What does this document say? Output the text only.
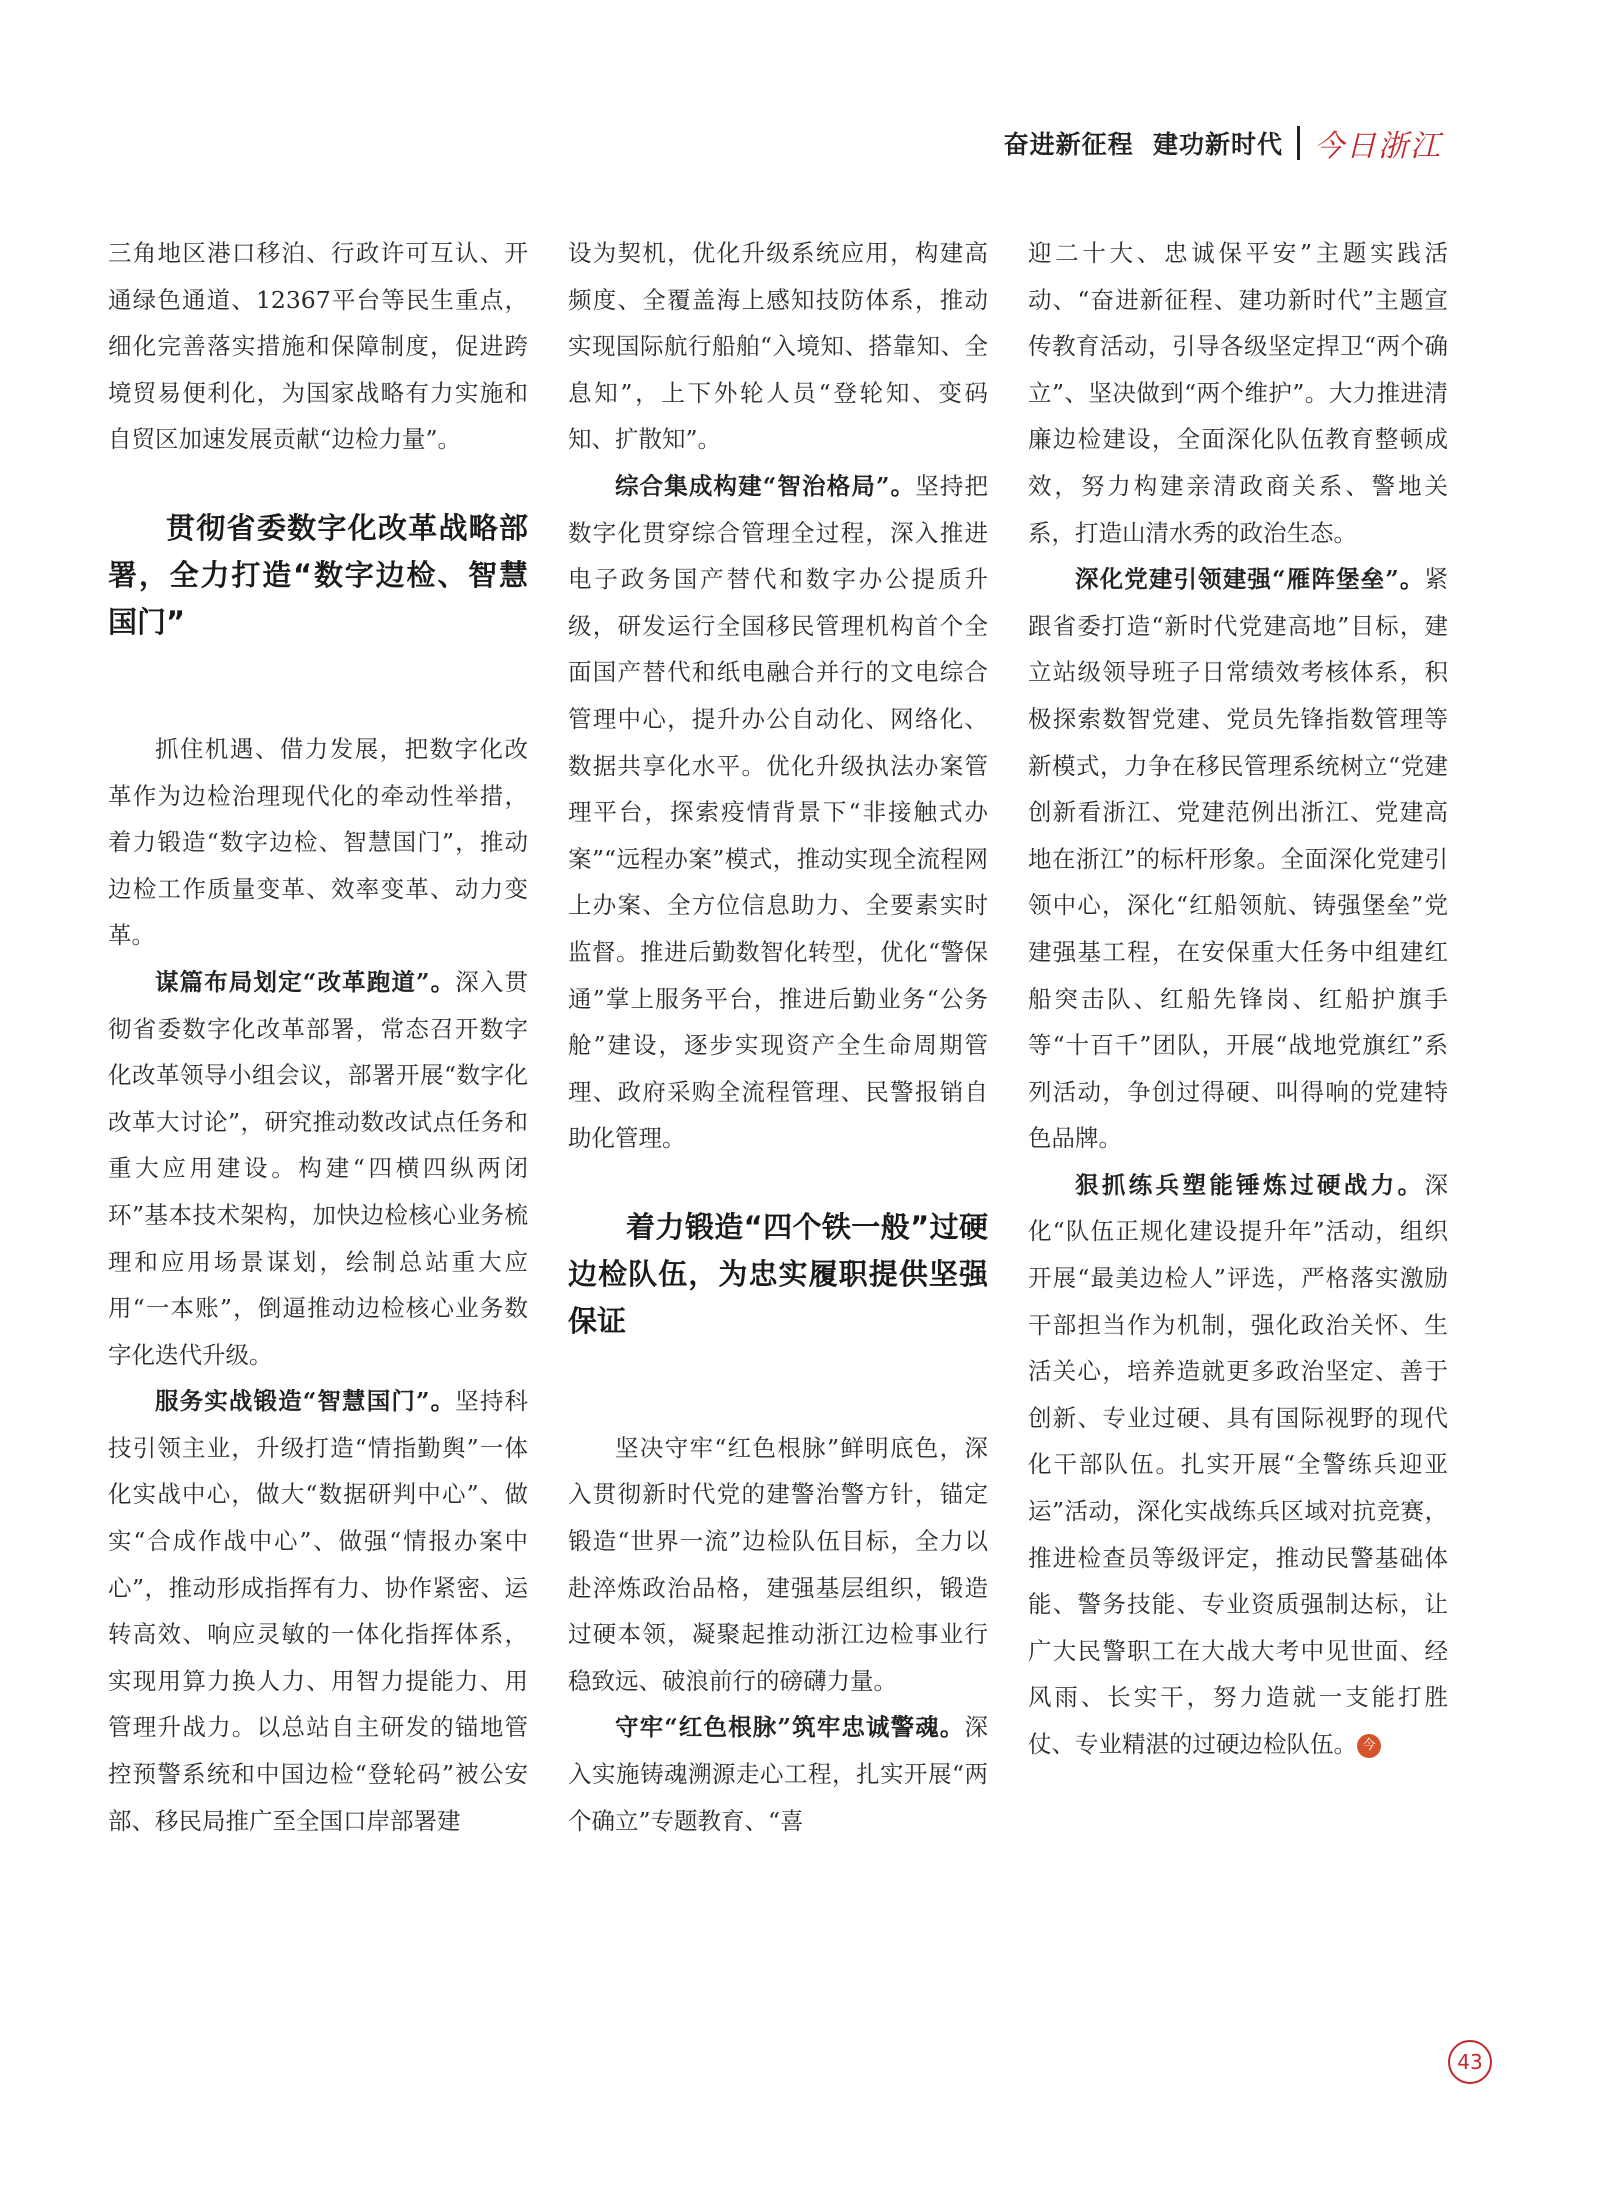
奋进新征程  建功新时代 今日浙江

三角地区港口移泊、行政许可互认、开通绿色通道、12367平台等民生重点，细化完善落实措施和保障制度，促进跨境贸易便利化，为国家战略有力实施和自贸区加速发展贡献“边检力量”。

贯彻省委数字化改革战略部署，全力打造“数字边检、智慧国门”

抓住机遇、借力发展，把数字化改革作为边检治理现代化的牵动性举措，着力锻造“数字边检、智慧国门”，推动边检工作质量变革、效率变革、动力变革。

谋篇布局划定“改革跑道”。深入贯彻省委数字化改革部署，常态召开数字化改革领导小组会议，部署开展“数字化改革大讨论”，研究推动数改试点任务和重大应用建设。构建“四横四纵两闭环”基本技术架构，加快边检核心业务梳理和应用场景谋划，绘制总站重大应用“一本账”，倒逼推动边检核心业务数字化迭代升级。

服务实战锻造“智慧国门”。坚持科技引领主业，升级打造“情指勤舆”一体化实战中心，做大“数据研判中心”、做实“合成作战中心”、做强“情报办案中心”，推动形成指挥有力、协作紧密、运转高效、响应灵敏的一体化指挥体系，实现用算力换人力、用智力提能力、用管理升战力。以总站自主研发的锚地管控预警系统和中国边检“登轮码”被公安部、移民局推广至全国口岸部署建

设为契机，优化升级系统应用，构建高频度、全覆盖海上感知技防体系，推动实现国际航行船舶“入境知、搭靠知、全息知”，上下外轮人员“登轮知、变码知、扩散知”。

综合集成构建“智治格局”。坚持把数字化贯穿综合管理全过程，深入推进电子政务国产替代和数字办公提质升级，研发运行全国移民管理机构首个全面国产替代和纸电融合并行的文电综合管理中心，提升办公自动化、网络化、数据共享化水平。优化升级执法办案管理平台，探索疫情背景下“非接触式办案”“远程办案”模式，推动实现全流程网上办案、全方位信息助力、全要素实时监督。推进后勤数智化转型，优化“警保通”掌上服务平台，推进后勤业务“公务舱”建设，逐步实现资产全生命周期管理、政府采购全流程管理、民警报销自助化管理。

着力锻造“四个铁一般”过硬边检队伍，为忠实履职提供坚强保证

坚决守牢“红色根脉”鲜明底色，深入贯彻新时代党的建警治警方针，锚定锻造“世界一流”边检队伍目标，全力以赴淬炼政治品格，建强基层组织，锻造过硬本领，凝聚起推动浙江边检事业行稳致远、破浪前行的磅礴力量。

守牢“红色根脉”筑牢忠诚警魂。深入实施铸魂溯源走心工程，扎实开展“两个确立”专题教育、“喜

迎二十大、忠诚保平安”主题实践活动、“奋进新征程、建功新时代”主题宣传教育活动，引导各级坚定捍卫“两个确立”、坚决做到“两个维护”。大力推进清廉边检建设，全面深化队伍教育整顿成效，努力构建亲清政商关系、警地关系，打造山清水秀的政治生态。

深化党建引领建强“雁阵堡垒”。紧跟省委打造“新时代党建高地”目标，建立站级领导班子日常绩效考核体系，积极探索数智党建、党员先锋指数管理等新模式，力争在移民管理系统树立“党建创新看浙江、党建范例出浙江、党建高地在浙江”的标杆形象。全面深化党建引领中心，深化“红船领航、铸强堡垒”党建强基工程，在安保重大任务中组建红船突击队、红船先锋岗、红船护旗手等“十百千”团队，开展“战地党旗红”系列活动，争创过得硬、叫得响的党建特色品牌。

狠抓练兵塑能锤炼过硬战力。深化“队伍正规化建设提升年”活动，组织开展“最美边检人”评选，严格落实激励干部担当作为机制，强化政治关怀、生活关心，培养造就更多政治坚定、善于创新、专业过硬、具有国际视野的现代化干部队伍。扎实开展“全警练兵迎亚运”活动，深化实战练兵区域对抗竞赛，推进检查员等级评定，推动民警基础体能、警务技能、专业资质强制达标，让广大民警职工在大战大考中见世面、经风雨、长实干，努力造就一支能打胜仗、专业精湛的过硬边检队伍。 今

43
